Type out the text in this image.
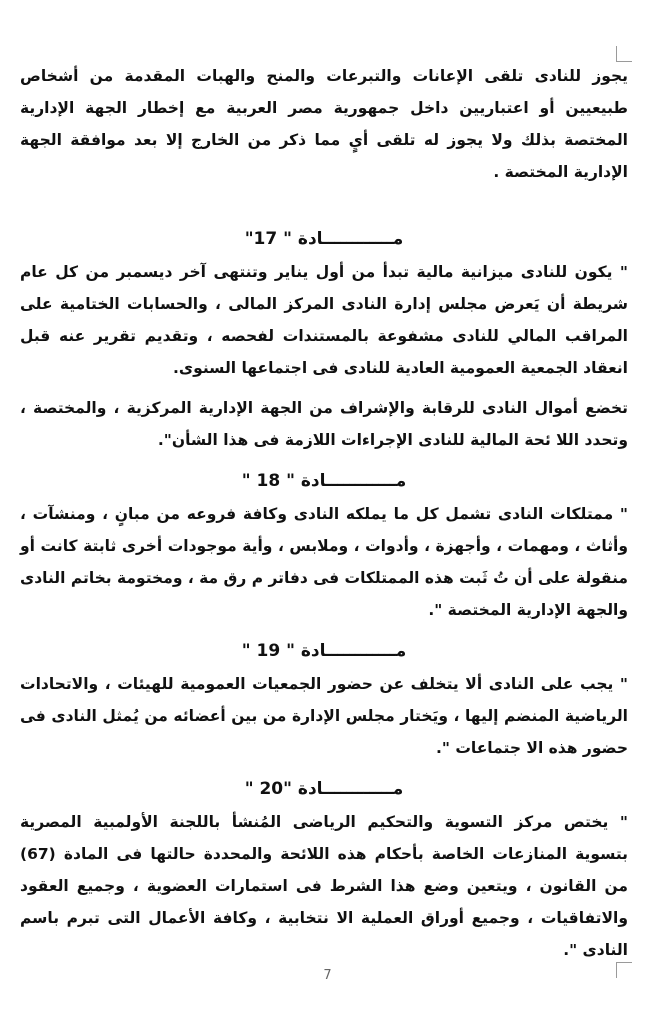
يجوز للنادى تلقى الإعانات والتبرعات والمنح والهبات المقدمة من أشخاص طبيعيين أو اعتباريين داخل جمهورية مصر العربية مع إخطار الجهة الإدارية المختصة بذلك ولا يجوز له تلقى أيٍ مما ذكر من الخارج إلا بعد موافقة الجهة الإدارية المختصة .

مــــــــــــادة " 17"

" يكون للنادى ميزانية مالية تبدأ من أول يناير وتنتهى آخر ديسمبر من كل عام شريطة أن يَعرض مجلس إدارة النادى المركز المالى ، والحسابات الختامية على المراقب المالي للنادى مشفوعة بالمستندات لفحصه ، وتقديم تقرير عنه قبل انعقاد الجمعية العمومية العادية للنادى فى اجتماعها السنوى.

تخضع أموال النادى للرقابة والإشراف من الجهة الإدارية المركزية ، والمختصة ، وتحدد اللا ئحة المالية للنادى الإجراءات اللازمة فى هذا الشأن".

مــــــــــــادة " 18 "

" ممتلكات النادى تشمل كل ما يملكه النادى وكافة فروعه من مبانٍ ، ومنشآت ، وأثاث ، ومهمات ، وأجهزة ، وأدوات ، وملابس ، وأية موجودات أخرى ثابتة كانت أو منقولة على أن تُ ثَبت هذه الممتلكات فى دفاتر م رق مة ، ومختومة بخاتم النادى والجهة الإدارية المختصة ".

مــــــــــــادة " 19 "

" يجب على النادى ألا يتخلف عن حضور الجمعيات العمومية للهيئات ، والاتحادات الرياضية المنضم إليها ، ويَختار مجلس الإدارة من بين أعضائه من يُمثل النادى فى حضور هذه الا جتماعات ".

مــــــــــــادة "20 "

" يختص مركز التسوية والتحكيم الرياضى المُنشأ باللجنة الأولمبية المصرية بتسوية المنازعات الخاصة بأحكام هذه اللائحة والمحددة حالتها فى المادة (67) من القانون ، ويتعين وضع هذا الشرط فى استمارات العضوية ، وجميع العقود والاتفاقيات ، وجميع أوراق العملية الا نتخابية ، وكافة الأعمال التى تبرم باسم النادى ".

7
